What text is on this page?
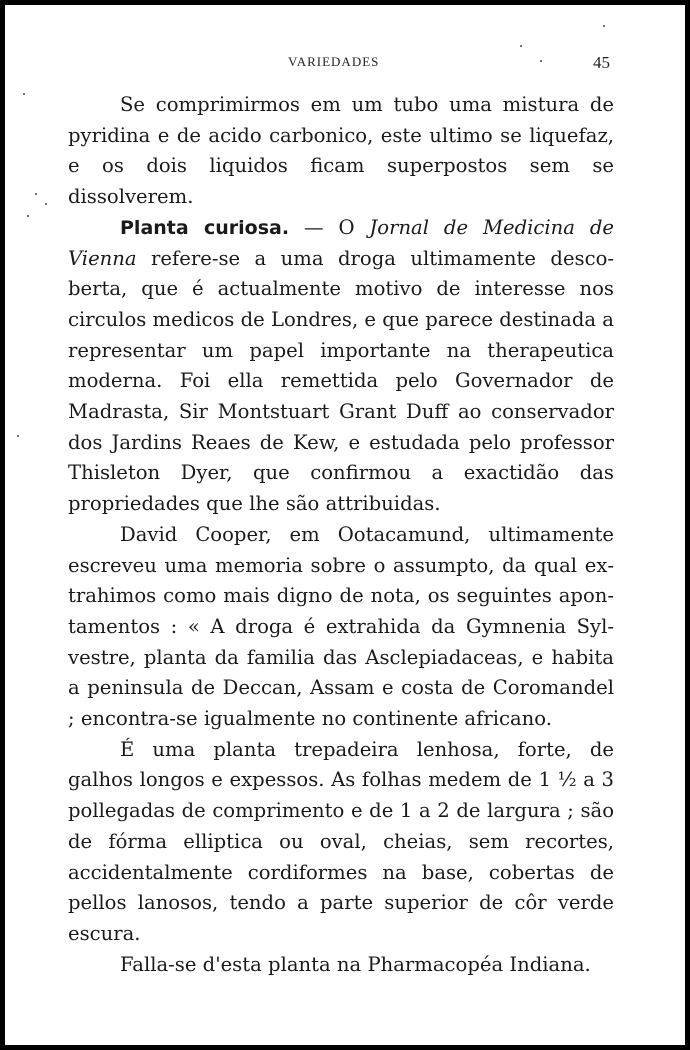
VARIEDADES	45

Se comprimirmos em um tubo uma mistura de pyridina e de acido carbonico, este ultimo se liquefaz, e os dois liquidos ficam superpostos sem se dissolverem.

Planta curiosa. — O Jornal de Medicina de Vienna refere-se a uma droga ultimamente descoberta, que é actualmente motivo de interesse nos circulos medicos de Londres, e que parece destinada a representar um papel importante na therapeutica moderna. Foi ella remettida pelo Governador de Madrasta, Sir Montstuart Grant Duff ao conservador dos Jardins Reaes de Kew, e estudada pelo professor Thisleton Dyer, que confirmou a exactidão das propriedades que lhe são attribuidas.

David Cooper, em Ootacamund, ultimamente escreveu uma memoria sobre o assumpto, da qual extrahimos como mais digno de nota, os seguintes apontamentos : « A droga é extrahida da Gymnenia Sylvestre, planta da familia das Asclepiadaceas, e habita a peninsula de Deccan, Assam e costa de Coromandel ; encontra-se igualmente no continente africano.

É uma planta trepadeira lenhosa, forte, de galhos longos e expessos. As folhas medem de 1 ½ a 3 pollegadas de comprimento e de 1 a 2 de largura ; são de fórma elliptica ou oval, cheias, sem recortes, accidentalmente cordiformes na base, cobertas de pellos lanosos, tendo a parte superior de côr verde escura.

Falla-se d'esta planta na Pharmacopéa Indiana.
